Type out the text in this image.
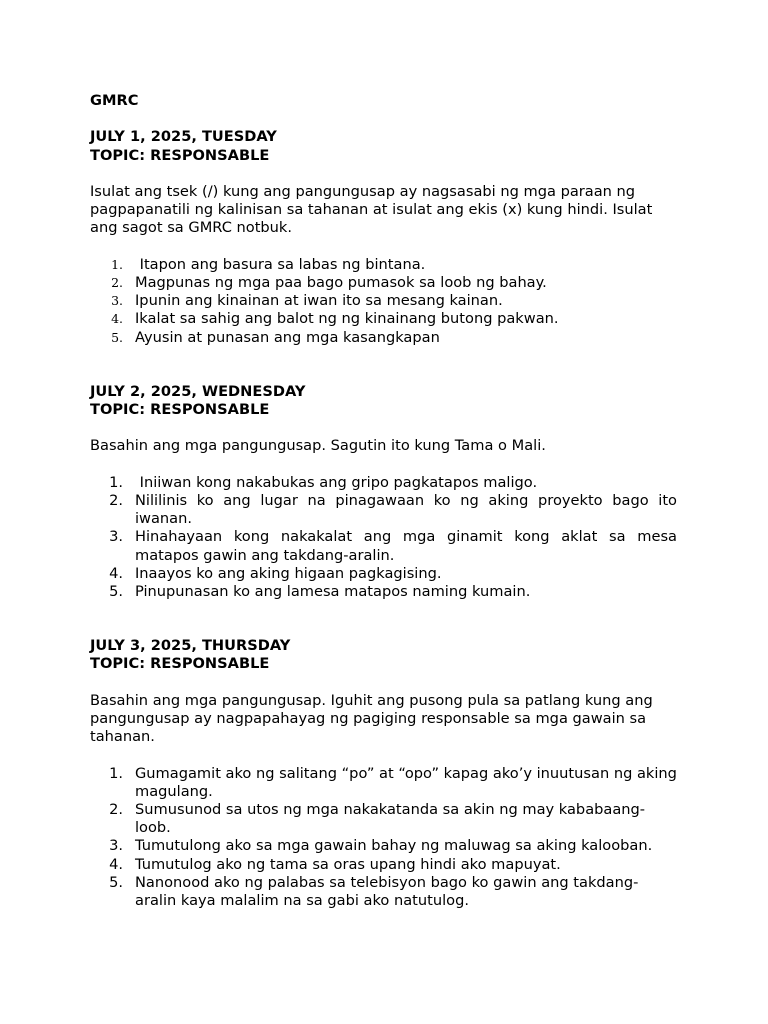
GMRC
JULY 1, 2025, TUESDAY
TOPIC: RESPONSABLE
Isulat ang tsek (/) kung ang pangungusap ay nagsasabi ng mga paraan ng pagpapanatili ng kalinisan sa tahanan at isulat ang ekis (x) kung hindi. Isulat ang sagot sa GMRC notbuk.
1. Itapon ang basura sa labas ng bintana.
2. Magpunas ng mga paa bago pumasok sa loob ng bahay.
3. Ipunin ang kinainan at iwan ito sa mesang kainan.
4. Ikalat sa sahig ang balot ng ng kinainang butong pakwan.
5. Ayusin at punasan ang mga kasangkapan
JULY 2, 2025, WEDNESDAY
TOPIC: RESPONSABLE
Basahin ang mga pangungusap. Sagutin ito kung Tama o Mali.
1. Iniiwan kong nakabukas ang gripo pagkatapos maligo.
2. Nililinis ko ang lugar na pinagawaan ko ng aking proyekto bago ito iwanan.
3. Hinahayaan kong nakakalat ang mga ginamit kong aklat sa mesa matapos gawin ang takdang-aralin.
4. Inaayos ko ang aking higaan pagkagising.
5. Pinupunasan ko ang lamesa matapos naming kumain.
JULY 3, 2025, THURSDAY
TOPIC: RESPONSABLE
Basahin ang mga pangungusap. Iguhit ang pusong pula sa patlang kung ang pangungusap ay nagpapahayag ng pagiging responsable sa mga gawain sa tahanan.
1. Gumagamit ako ng salitang “po” at “opo” kapag ako’y inuutusan ng aking magulang.
2. Sumusunod sa utos ng mga nakakatanda sa akin ng may kababaang-loob.
3. Tumutulong ako sa mga gawain bahay ng maluwag sa aking kalooban.
4. Tumutulog ako ng tama sa oras upang hindi ako mapuyat.
5. Nanonood ako ng palabas sa telebisyon bago ko gawin ang takdang-aralin kaya malalim na sa gabi ako natutulog.
